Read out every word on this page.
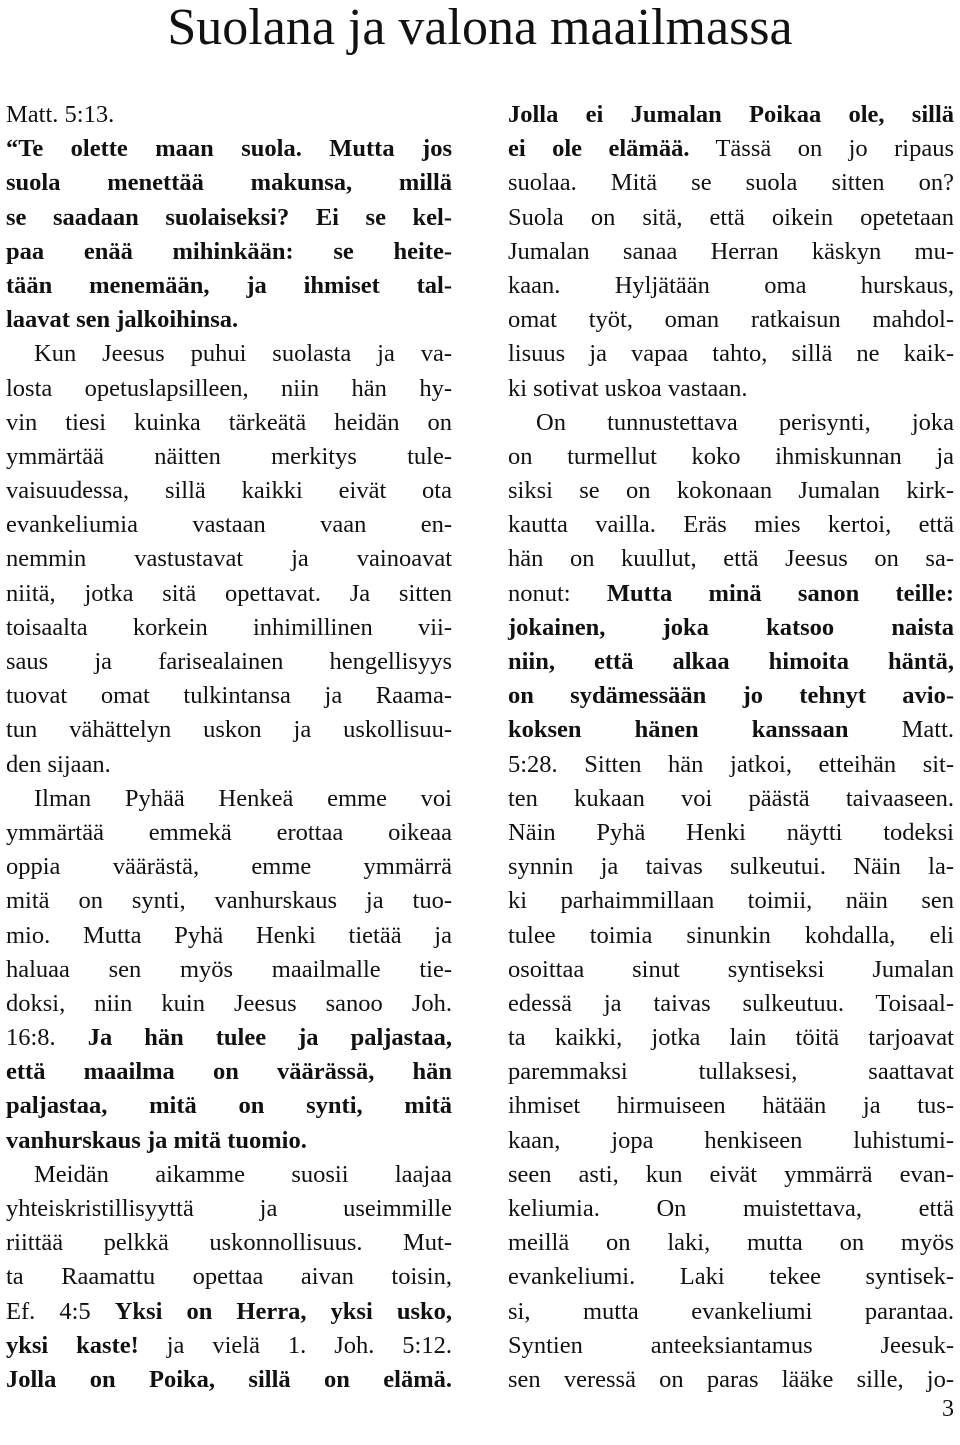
Suolana ja valona maailmassa
Matt. 5:13.
“Te olette maan suola. Mutta jos
suola menettää makunsa, millä
se saadaan suolaiseksi? Ei se kel-
paa enää mihinkään: se heite-
tään menemään, ja ihmiset tal-
laavat sen jalkoihinsa.
Kun Jeesus puhui suolasta ja va-
losta opetuslapsilleen, niin hän hy-
vin tiesi kuinka tärkeätä heidän on
ymmärtää näitten merkitys tule-
vaisuudessa, sillä kaikki eivät ota
evankeliumia vastaan vaan en-
nemmin vastustavat ja vainoavat
niitä, jotka sitä opettavat. Ja sitten
toisaalta korkein inhimillinen vii-
saus ja farisealainen hengellisyys
tuovat omat tulkintansa ja Raama-
tun vähättelyn uskon ja uskollisuu-
den sijaan.
Ilman Pyhää Henkeä emme voi
ymmärtää emmekä erottaa oikeaa
oppia väärästä, emme ymmärrä
mitä on synti, vanhurskaus ja tuo-
mio. Mutta Pyhä Henki tietää ja
haluaa sen myös maailmalle tie-
doksi, niin kuin Jeesus sanoo Joh.
16:8. Ja hän tulee ja paljastaa,
että maailma on väärässä, hän
paljastaa, mitä on synti, mitä
vanhurskaus ja mitä tuomio.
Meidän aikamme suosii laajaa
yhteiskristillisyyttä ja useimmille
riittää pelkkä uskonnollisuus. Mut-
ta Raamattu opettaa aivan toisin,
Ef. 4:5 Yksi on Herra, yksi usko,
yksi kaste! ja vielä 1. Joh. 5:12.
Jolla on Poika, sillä on elämä.
Jolla ei Jumalan Poikaa ole, sillä
ei ole elämää. Tässä on jo ripaus
suolaa. Mitä se suola sitten on?
Suola on sitä, että oikein opetetaan
Jumalan sanaa Herran käskyn mu-
kaan. Hyljätään oma hurskaus,
omat työt, oman ratkaisun mahdol-
lisuus ja vapaa tahto, sillä ne kaik-
ki sotivat uskoa vastaan.
On tunnustettava perisynti, joka
on turmellut koko ihmiskunnan ja
siksi se on kokonaan Jumalan kirk-
kautta vailla. Eräs mies kertoi, että
hän on kuullut, että Jeesus on sa-
nonut: Mutta minä sanon teille:
jokainen, joka katsoo naista
niin, että alkaa himoita häntä,
on sydämessään jo tehnyt avio-
koksen hänen kanssaan Matt.
5:28. Sitten hän jatkoi, etteihän sit-
ten kukaan voi päästä taivaaseen.
Näin Pyhä Henki näytti todeksi
synnin ja taivas sulkeutui. Näin la-
ki parhaimmillaan toimii, näin sen
tulee toimia sinunkin kohdalla, eli
osoittaa sinut syntiseksi Jumalan
edessä ja taivas sulkeutuu. Toisaal-
ta kaikki, jotka lain töitä tarjoavat
paremmaksi tullaksesi, saattavat
ihmiset hirmuiseen hätään ja tus-
kaan, jopa henkiseen luhistumi-
seen asti, kun eivät ymmärrä evan-
keliumia. On muistettava, että
meillä on laki, mutta on myös
evankeliumi. Laki tekee syntisek-
si, mutta evankeliumi parantaa.
Syntien anteeksiantamus Jeesuk-
sen veressä on paras lääke sille, jo-
3
